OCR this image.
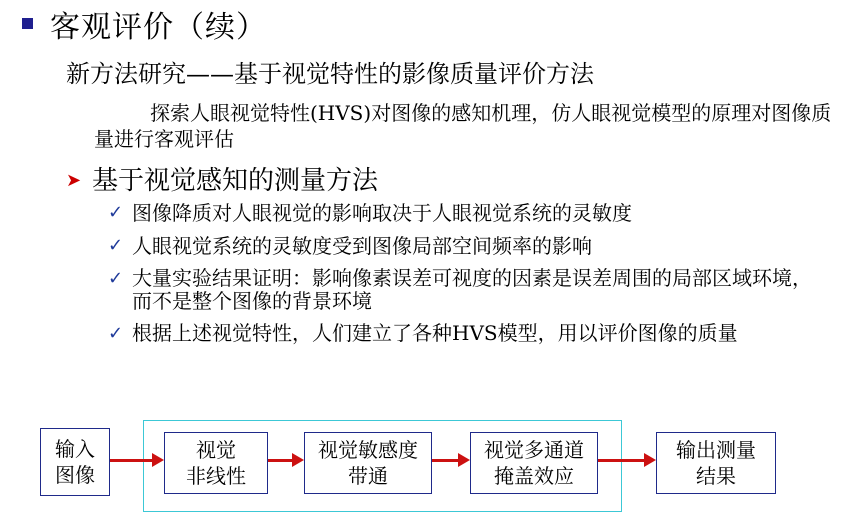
客观评价（续）
新方法研究——基于视觉特性的影像质量评价方法
探索人眼视觉特性(HVS)对图像的感知机理，仿人眼视觉模型的原理对图像质量进行客观评估
➤ 基于视觉感知的测量方法
✓ 图像降质对人眼视觉的影响取决于人眼视觉系统的灵敏度
✓ 人眼视觉系统的灵敏度受到图像局部空间频率的影响
✓ 大量实验结果证明：影响像素误差可视度的因素是误差周围的局部区域环境，而不是整个图像的背景环境
✓ 根据上述视觉特性，人们建立了各种HVS模型，用以评价图像的质量
输入
图像
视觉
非线性
视觉敏感度
带通
视觉多通道
掩盖效应
输出测量
结果
